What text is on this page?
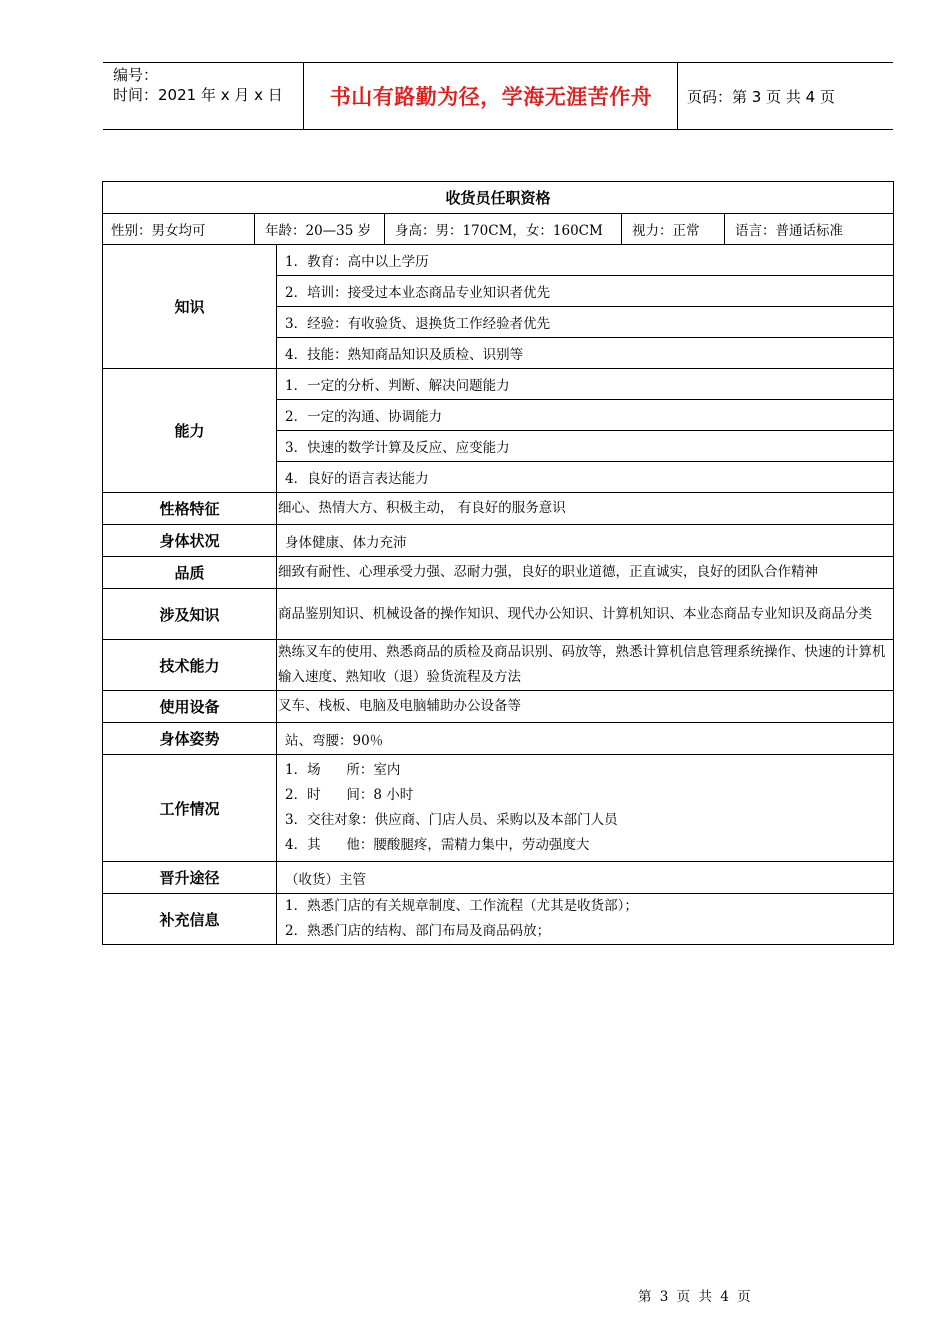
编号：
时间：2021 年 x 月 x 日	书山有路勤为径，学海无涯苦作舟	页码：第 3 页 共 4 页
收货员任职资格	

性别：男女均可 年龄：20—35 岁 身高：男：170CM，女：160CM 视力：正常 语言：普通话标准	

知识	1．教育：高中以上学历
	2．培训：接受过本业态商品专业知识者优先
	3．经验：有收验货、退换货工作经验者优先
	4．技能：熟知商品知识及质检、识别等
能力	1．一定的分析、判断、解决问题能力
	2．一定的沟通、协调能力
	3．快速的数学计算及反应、应变能力
	4．良好的语言表达能力
性格特征	细心、热情大方、积极主动， 有良好的服务意识
身体状况	身体健康、体力充沛
品质	细致有耐性、心理承受力强、忍耐力强，良好的职业道德，正直诚实，良好的团队合作精神
涉及知识	商品鉴别知识、机械设备的操作知识、现代办公知识、计算机知识、本业态商品专业知识及商品分类
技术能力	熟练叉车的使用、熟悉商品的质检及商品识别、码放等，熟悉计算机信息管理系统操作、快速的计算机输入速度、熟知收（退）验货流程及方法
使用设备	叉车、栈板、电脑及电脑辅助办公设备等
身体姿势	站、弯腰：90％
工作情况	1．场      所：室内
2．时      间：8 小时
3．交往对象：供应商、门店人员、采购以及本部门人员
4．其      他：腰酸腿疼，需精力集中，劳动强度大

晋升途径	（收货）主管
补充信息	1．熟悉门店的有关规章制度、工作流程（尤其是收货部）；
2．熟悉门店的结构、部门布局及商品码放；
第 3 页 共 4 页
